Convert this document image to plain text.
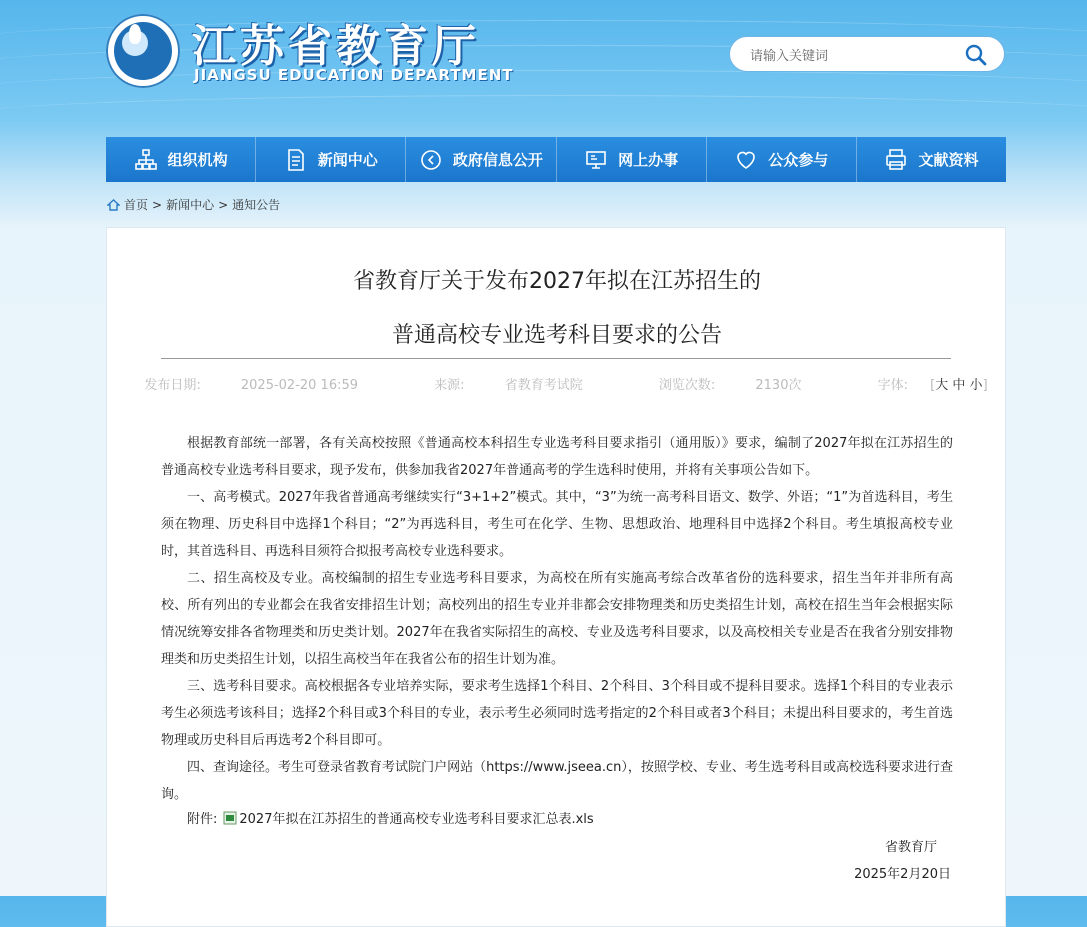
江苏省教育厅
JIANGSU EDUCATION DEPARTMENT
请输入关键词
组织机构	新闻中心	政府信息公开	网上办事	公众参与	文献资料
首页 > 新闻中心 > 通知公告
省教育厅关于发布2027年拟在江苏招生的
普通高校专业选考科目要求的公告
发布日期:	2025-02-20 16:59	来源:	省教育考试院	浏览次数:	2130次	字体: [大 中 小]

根据教育部统一部署，各有关高校按照《普通高校本科招生专业选考科目要求指引（通用版）》要求，编制了2027年拟在江苏招生的普通高校专业选考科目要求，现予发布，供参加我省2027年普通高考的学生选科时使用，并将有关事项公告如下。

一、高考模式。2027年我省普通高考继续实行“3+1+2”模式。其中，“3”为统一高考科目语文、数学、外语；“1”为首选科目，考生须在物理、历史科目中选择1个科目；“2”为再选科目，考生可在化学、生物、思想政治、地理科目中选择2个科目。考生填报高校专业时，其首选科目、再选科目须符合拟报考高校专业选科要求。

二、招生高校及专业。高校编制的招生专业选考科目要求，为高校在所有实施高考综合改革省份的选科要求，招生当年并非所有高校、所有列出的专业都会在我省安排招生计划；高校列出的招生专业并非都会安排物理类和历史类招生计划，高校在招生当年会根据实际情况统筹安排各省物理类和历史类计划。2027年在我省实际招生的高校、专业及选考科目要求，以及高校相关专业是否在我省分别安排物理类和历史类招生计划，以招生高校当年在我省公布的招生计划为准。

三、选考科目要求。高校根据各专业培养实际，要求考生选择1个科目、2个科目、3个科目或不提科目要求。选择1个科目的专业表示考生必须选考该科目；选择2个科目或3个科目的专业，表示考生必须同时选考指定的2个科目或者3个科目；未提出科目要求的，考生首选物理或历史科目后再选考2个科目即可。

四、查询途径。考生可登录省教育考试院门户网站（https://www.jseea.cn），按照学校、专业、考生选考科目或高校选科要求进行查询。

附件: 2027年拟在江苏招生的普通高校专业选考科目要求汇总表.xls
省教育厅
2025年2月20日
